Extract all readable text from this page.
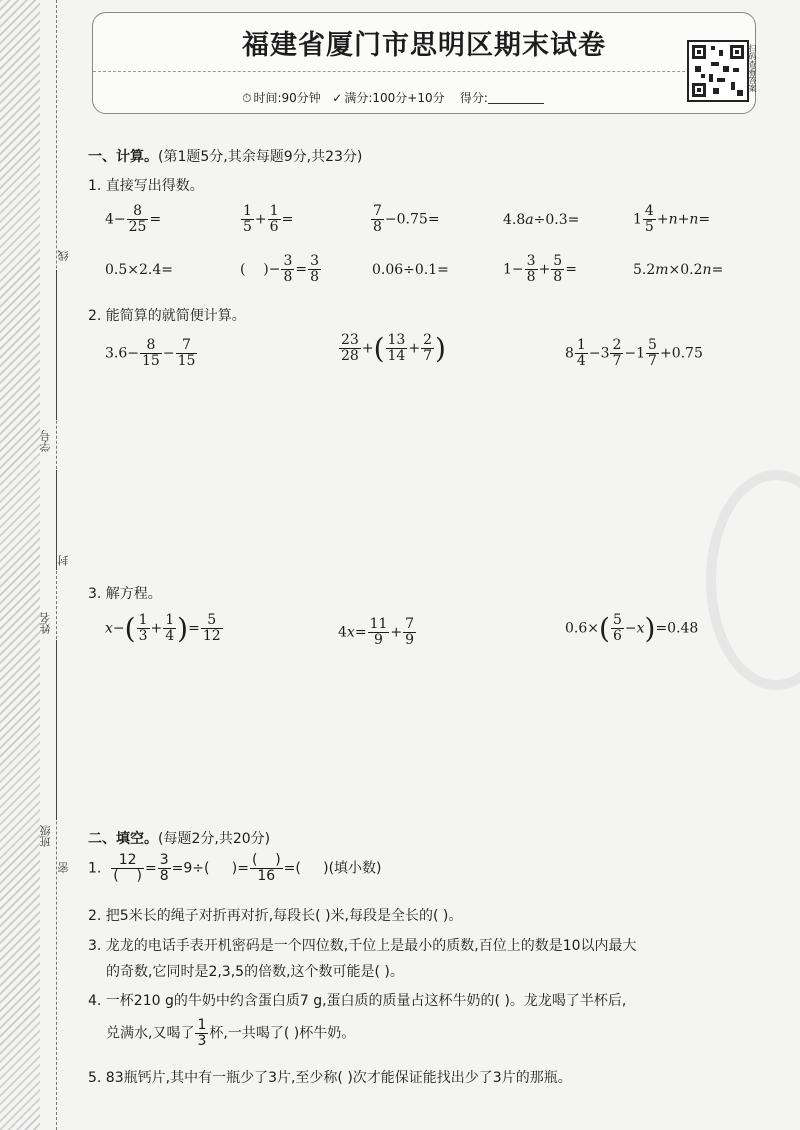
线
学号
封
姓名
班级
密
福建省厦门市思明区期末试卷
⏱ 时间:90分钟 ✓ 满分:100分+10分 得分:
扫码查看答案
一、计算。(第1题5分,其余每题9分,共23分)
1. 直接写出得数。
$4- \frac{8}{25}$ =	$\frac{1}{5} + \frac{1}{6}$ =	$\frac{7}{8} -0.75=$	4.8a÷0.3=	$1 \frac{4}{5} +n+n=$
0.5×2.4=	(    )− $\frac{3}{8} = \frac{3}{8}$	0.06÷0.1=	$1- \frac{3}{8} + \frac{5}{8}$ =	5.2m×0.2n=
2. 能简算的就简便计算。
$3.6- \frac{8}{15} - \frac{7}{15}$	$\frac{23}{28}$ +( $\frac{13}{14} + \frac{2}{7}$ )	$8 \frac{1}{4} -3 \frac{2}{7} -1 \frac{5}{7} +0.75$
3. 解方程。
$x-( \frac{1}{3} + \frac{1}{4}$ )= $\frac{5}{12}$	$4x= \frac{11}{9} + \frac{7}{9}$	$0.6\times( \frac{5}{6} -x)=0.48$
二、填空。(每题2分,共20分)
1. $\frac{12}{( )} = \frac{3}{8} =9\div$(     )= $\frac{( )}{16}$ =(     )(填小数)
2. 把5米长的绳子对折再对折,每段长( )米,每段是全长的( )。
3. 龙龙的电话手表开机密码是一个四位数,千位上是最小的质数,百位上的数是10以内最大
的奇数,它同时是2,3,5的倍数,这个数可能是( )。
4. 一杯210 g的牛奶中约含蛋白质7 g,蛋白质的质量占这杯牛奶的( )。龙龙喝了半杯后,
兑满水,又喝了 $\frac{1}{3}$ 杯,一共喝了( )杯牛奶。
5. 83瓶钙片,其中有一瓶少了3片,至少称( )次才能保证能找出少了3片的那瓶。
